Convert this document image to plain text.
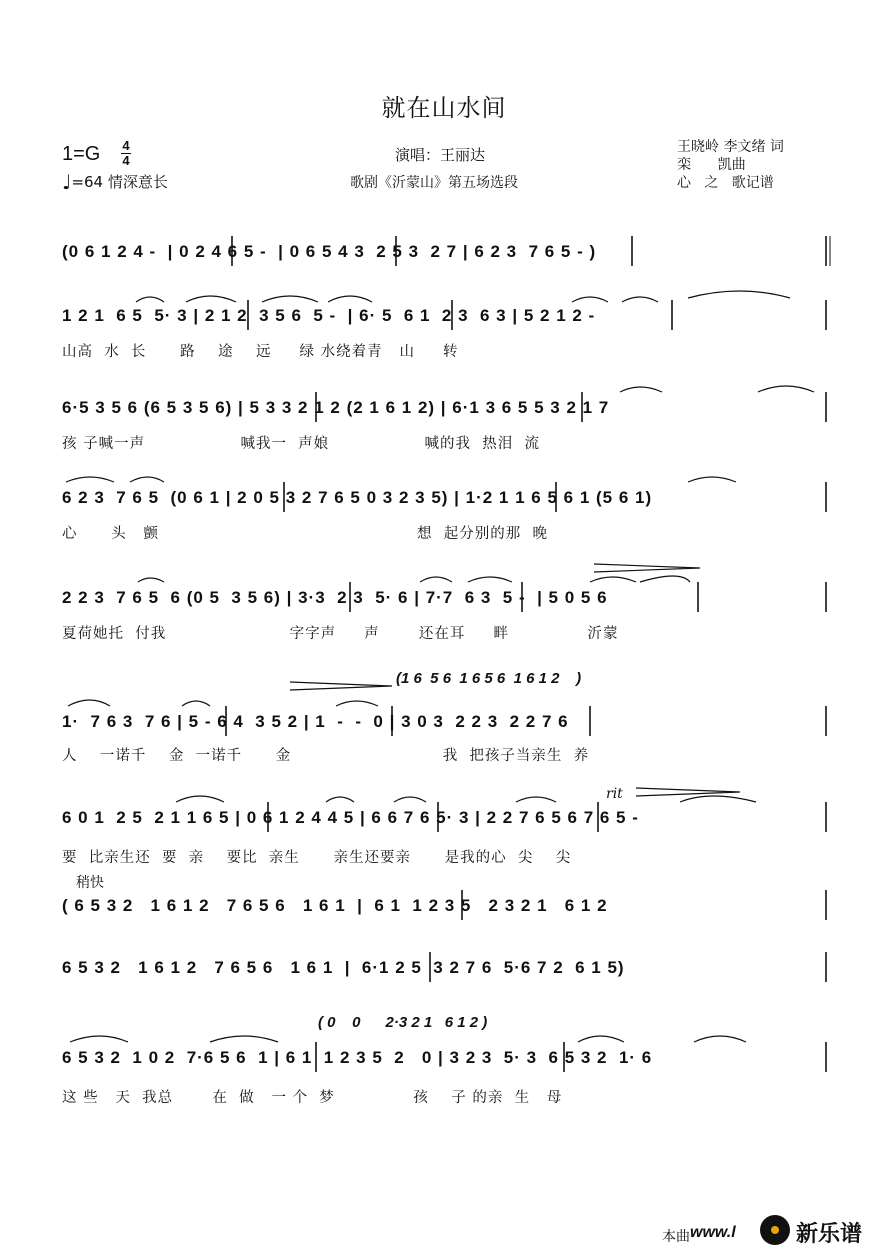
就在山水间
1=G 4
4
♩=64 情深意长
演唱：王丽达
歌剧《沂蒙山》第五场选段
王晓岭 李文绪 词
栾      凯曲
心   之   歌记谱
(0 6 1 2 4 -  | 0 2 4 6 5 -  | 0 6 5 4 3  2 5 3  2 7 | 6 2 3  7 6 5 - )
1 2 1  6 5  5· 3 | 2 1 2  3 5 6  5 -  | 6· 5  6 1  2 3  6 3 | 5 2 1 2 -
山高  水  长      路    途    远     绿 水绕着青   山     转
6·5 3 5 6 (6 5 3 5 6) | 5 3 3 2 1 2 (2 1 6 1 2) | 6·1 3 6 5 5 3 2 1 7
孩 子喊一声                 喊我一  声娘                 喊的我  热泪  流
6 2 3  7 6 5  (0 6 1 | 2 0 5 3 2 7 6 5 0 3 2 3 5) | 1·2 1 1 6 5 6 1 (5 6 1)
心      头   颤                                              想  起分别的那  晚
2 2 3  7 6 5  6 (0 5  3 5 6) | 3·3  2 3  5· 6 | 7·7  6 3  5 -  | 5 0 5 6
夏荷她托  付我                      字字声     声       还在耳     畔              沂蒙
(1 6  5 6  1 6 5 6  1 6 1 2    )
1·  7 6 3  7 6 | 5 - 6 4  3 5 2 | 1  -  -  0 | 3 0 3  2 2 3  2 2 7 6
人    一诺千    金  一诺千      金                           我  把孩子当亲生  养
rit
6 0 1  2 5  2 1 1 6 5 | 0 6 1 2 4 4 5 | 6 6 7 6 5· 3 | 2 2 7 6 5 6 7 6 5 -
要  比亲生还  要  亲    要比  亲生      亲生还要亲      是我的心  尖    尖
稍快
( 6 5 3 2   1 6 1 2   7 6 5 6   1 6 1  |  6 1  1 2 3 5   2 3 2 1   6 1 2
6 5 3 2   1 6 1 2   7 6 5 6   1 6 1  |  6·1 2 5  3 2 7 6  5·6 7 2  6 1 5)
( 0    0      2·3 2 1   6 1 2 )
6 5 3 2  1 0 2  7·6 5 6  1 | 6 1  1 2 3 5  2   0 | 3 2 3  5· 3  6 5 3 2  1· 6
这 些   天  我总       在  做   一 个  梦              孩    子 的亲  生   母
本曲 www.l	新乐谱
